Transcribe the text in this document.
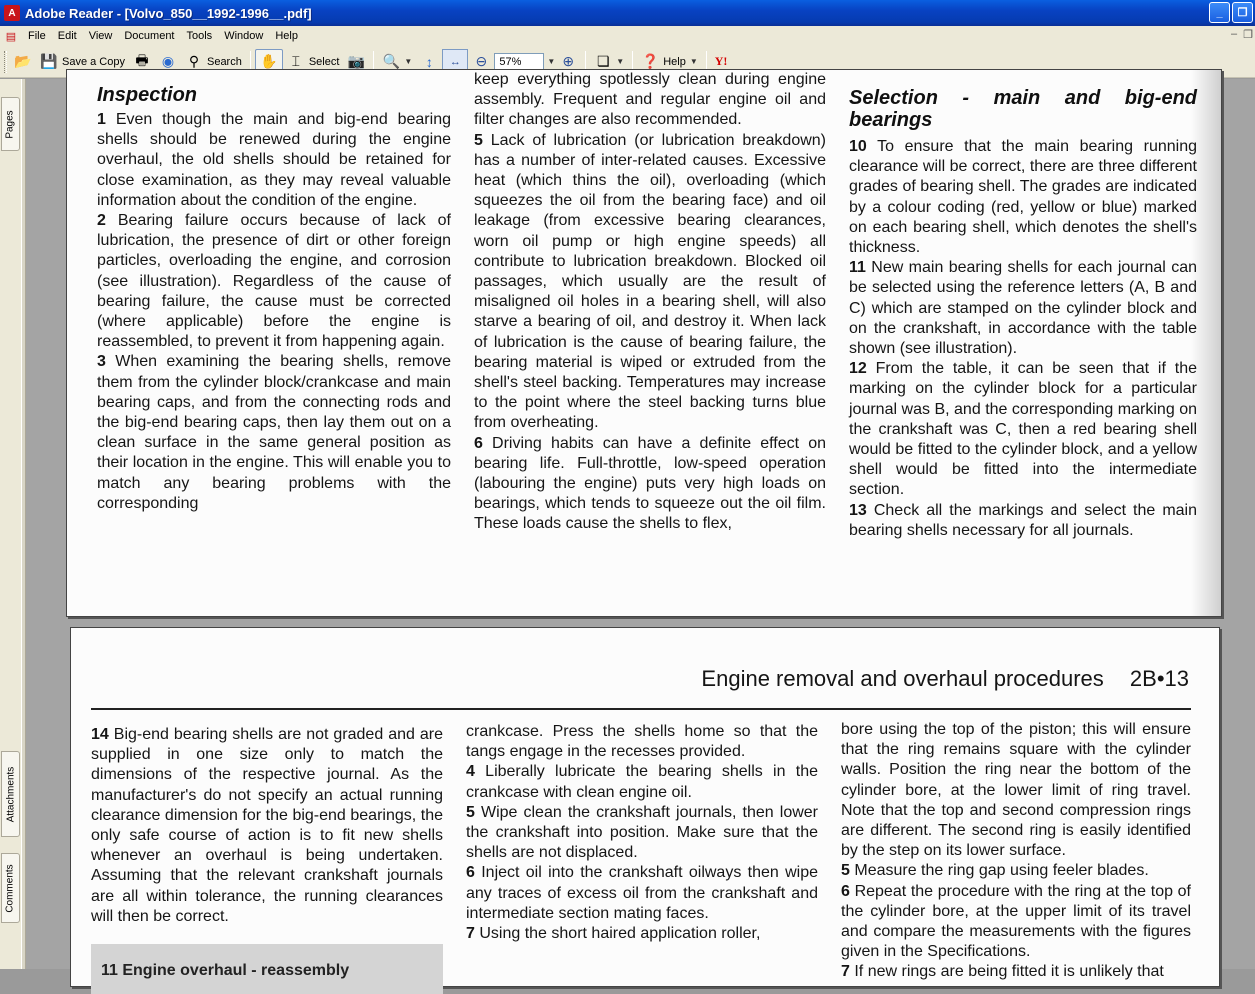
A Adobe Reader - [Volvo_850__1992-1996__.pdf]	_ ❐
▤	File	Edit	View	Document	Tools	Window	Help	– ❐
📂 💾 Save a Copy 🖶 ◉ ⚲ Search ✋	⌶ Select 📷 🔍 ▼ ↕	↔ ⊖	57%	▼ ⊕ ❏ ▼ ❓ Help ▼ Y!
Pages
Attachments
Comments
Inspection

1 Even though the main and big-end bearing shells should be renewed during the engine overhaul, the old shells should be retained for close examination, as they may reveal valuable information about the condition of the engine.

2 Bearing failure occurs because of lack of lubrication, the presence of dirt or other foreign particles, overloading the engine, and corrosion (see illustration). Regardless of the cause of bearing failure, the cause must be corrected (where applicable) before the engine is reassembled, to prevent it from happening again.

3 When examining the bearing shells, remove them from the cylinder block/crankcase and main bearing caps, and from the connecting rods and the big-end bearing caps, then lay them out on a clean surface in the same general position as their location in the engine. This will enable you to match any bearing problems with the corresponding

keep everything spotlessly clean during engine assembly. Frequent and regular engine oil and filter changes are also recommended.

5 Lack of lubrication (or lubrication breakdown) has a number of inter-related causes. Excessive heat (which thins the oil), overloading (which squeezes the oil from the bearing face) and oil leakage (from excessive bearing clearances, worn oil pump or high engine speeds) all contribute to lubrication breakdown. Blocked oil passages, which usually are the result of misaligned oil holes in a bearing shell, will also starve a bearing of oil, and destroy it. When lack of lubrication is the cause of bearing failure, the bearing material is wiped or extruded from the shell's steel backing. Temperatures may increase to the point where the steel backing turns blue from overheating.

6 Driving habits can have a definite effect on bearing life. Full-throttle, low-speed operation (labouring the engine) puts very high loads on bearings, which tends to squeeze out the oil film. These loads cause the shells to flex,

Selection - main and big-end bearings

10 To ensure that the main bearing running clearance will be correct, there are three different grades of bearing shell. The grades are indicated by a colour coding (red, yellow or blue) marked on each bearing shell, which denotes the shell's thickness.

11 New main bearing shells for each journal can be selected using the reference letters (A, B and C) which are stamped on the cylinder block and on the crankshaft, in accordance with the table shown (see illustration).

12 From the table, it can be seen that if the marking on the cylinder block for a particular journal was B, and the corresponding marking on the crankshaft was C, then a red bearing shell would be fitted to the cylinder block, and a yellow shell would be fitted into the intermediate section.

13 Check all the markings and select the main bearing shells necessary for all journals.

Engine removal and overhaul procedures 2B•13

14 Big-end bearing shells are not graded and are supplied in one size only to match the dimensions of the respective journal. As the manufacturer's do not specify an actual running clearance dimension for the big-end bearings, the only safe course of action is to fit new shells whenever an overhaul is being undertaken. Assuming that the relevant crankshaft journals are all within tolerance, the running clearances will then be correct.

11 Engine overhaul - reassembly

crankcase. Press the shells home so that the tangs engage in the recesses provided.

4 Liberally lubricate the bearing shells in the crankcase with clean engine oil.

5 Wipe clean the crankshaft journals, then lower the crankshaft into position. Make sure that the shells are not displaced.

6 Inject oil into the crankshaft oilways then wipe any traces of excess oil from the crankshaft and intermediate section mating faces.

7 Using the short haired application roller,

bore using the top of the piston; this will ensure that the ring remains square with the cylinder walls. Position the ring near the bottom of the cylinder bore, at the lower limit of ring travel. Note that the top and second compression rings are different. The second ring is easily identified by the step on its lower surface.

5 Measure the ring gap using feeler blades.

6 Repeat the procedure with the ring at the top of the cylinder bore, at the upper limit of its travel and compare the measurements with the figures given in the Specifications.

7 If new rings are being fitted it is unlikely that
